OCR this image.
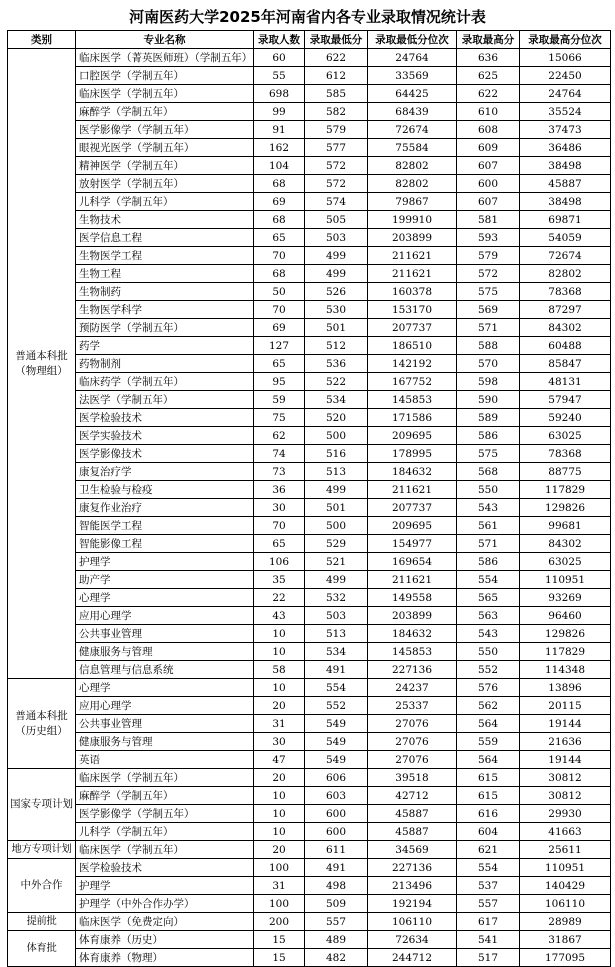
河南医药大学2025年河南省内各专业录取情况统计表
类别	专业名称	录取人数	录取最低分	录取最低分位次	录取最高分	录取最高分位次
普通本科批（物理组）	临床医学（菁英医师班）（学制五年）	60	622	24764	636	15066
	口腔医学（学制五年）	55	612	33569	625	22450
	临床医学（学制五年）	698	585	64425	622	24764
	麻醉学（学制五年）	99	582	68439	610	35524
	医学影像学（学制五年）	91	579	72674	608	37473
	眼视光医学（学制五年）	162	577	75584	609	36486
	精神医学（学制五年）	104	572	82802	607	38498
	放射医学（学制五年）	68	572	82802	600	45887
	儿科学（学制五年）	69	574	79867	607	38498
	生物技术	68	505	199910	581	69871
	医学信息工程	65	503	203899	593	54059
	生物医学工程	70	499	211621	579	72674
	生物工程	68	499	211621	572	82802
	生物制药	50	526	160378	575	78368
	生物医学科学	70	530	153170	569	87297
	预防医学（学制五年）	69	501	207737	571	84302
	药学	127	512	186510	588	60488
	药物制剂	65	536	142192	570	85847
	临床药学（学制五年）	95	522	167752	598	48131
	法医学（学制五年）	59	534	145853	590	57947
	医学检验技术	75	520	171586	589	59240
	医学实验技术	62	500	209695	586	63025
	医学影像技术	74	516	178995	575	78368
	康复治疗学	73	513	184632	568	88775
	卫生检验与检疫	36	499	211621	550	117829
	康复作业治疗	30	501	207737	543	129826
	智能医学工程	70	500	209695	561	99681
	智能影像工程	65	529	154977	571	84302
	护理学	106	521	169654	586	63025
	助产学	35	499	211621	554	110951
	心理学	22	532	149558	565	93269
	应用心理学	43	503	203899	563	96460
	公共事业管理	10	513	184632	543	129826
	健康服务与管理	10	534	145853	550	117829
	信息管理与信息系统	58	491	227136	552	114348
普通本科批（历史组）	心理学	10	554	24237	576	13896
	应用心理学	20	552	25337	562	20115
	公共事业管理	31	549	27076	564	19144
	健康服务与管理	30	549	27076	559	21636
	英语	47	549	27076	564	19144
国家专项计划	临床医学（学制五年）	20	606	39518	615	30812
	麻醉学（学制五年）	10	603	42712	615	30812
	医学影像学（学制五年）	10	600	45887	616	29930
	儿科学（学制五年）	10	600	45887	604	41663
地方专项计划	临床医学（学制五年）	20	611	34569	621	25611
中外合作	医学检验技术	100	491	227136	554	110951
	护理学	31	498	213496	537	140429
	护理学（中外合作办学）	100	509	192194	557	106110
提前批	临床医学（免费定向）	200	557	106110	617	28989
体育批	体育康养（历史）	15	489	72634	541	31867
	体育康养（物理）	15	482	244712	517	177095
